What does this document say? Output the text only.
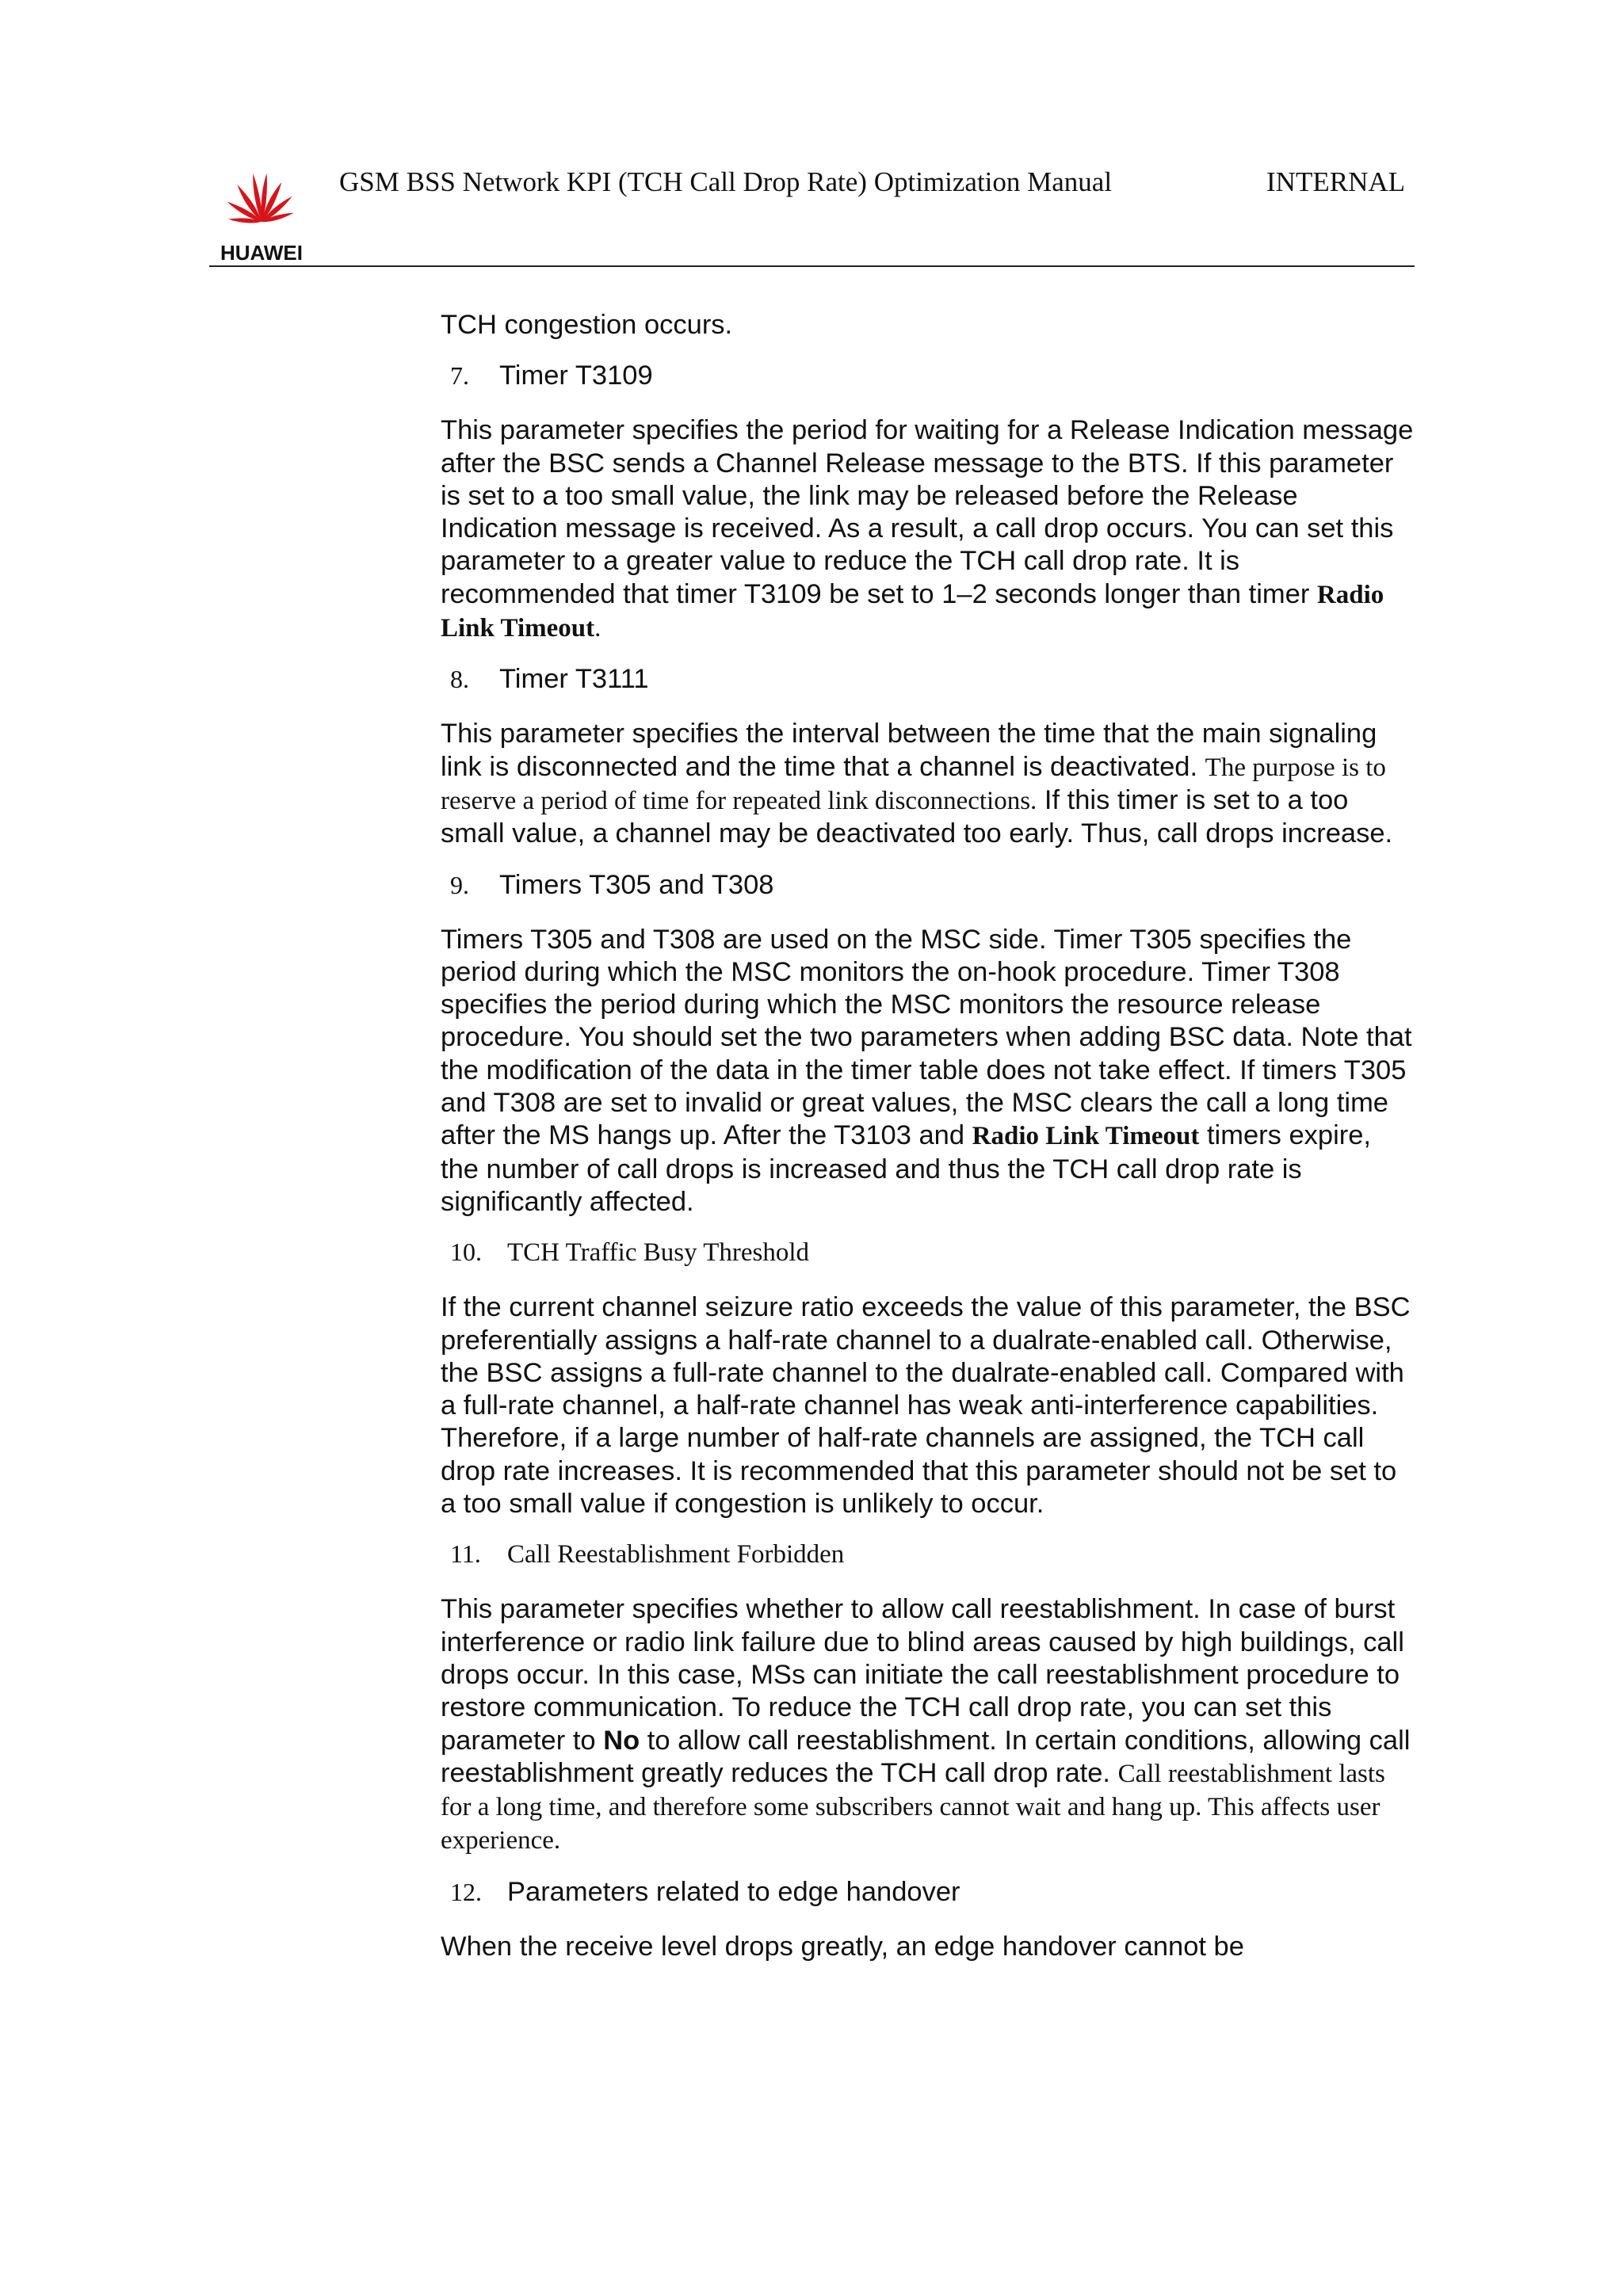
HUAWEI
GSM BSS Network KPI (TCH Call Drop Rate) Optimization Manual	INTERNAL

TCH congestion occurs.

7.	Timer T3109

This parameter specifies the period for waiting for a Release Indication message after the BSC sends a Channel Release message to the BTS. If this parameter is set to a too small value, the link may be released before the Release Indication message is received. As a result, a call drop occurs. You can set this parameter to a greater value to reduce the TCH call drop rate. It is recommended that timer T3109 be set to 1–2 seconds longer than timer Radio Link Timeout.

8.	Timer T3111

This parameter specifies the interval between the time that the main signaling link is disconnected and the time that a channel is deactivated. The purpose is to reserve a period of time for repeated link disconnections. If this timer is set to a too small value, a channel may be deactivated too early. Thus, call drops increase.

9.	Timers T305 and T308

Timers T305 and T308 are used on the MSC side. Timer T305 specifies the period during which the MSC monitors the on-hook procedure. Timer T308 specifies the period during which the MSC monitors the resource release procedure. You should set the two parameters when adding BSC data. Note that the modification of the data in the timer table does not take effect. If timers T305 and T308 are set to invalid or great values, the MSC clears the call a long time after the MS hangs up. After the T3103 and Radio Link Timeout timers expire, the number of call drops is increased and thus the TCH call drop rate is significantly affected.

10. TCH Traffic Busy Threshold

If the current channel seizure ratio exceeds the value of this parameter, the BSC preferentially assigns a half-rate channel to a dualrate-enabled call. Otherwise, the BSC assigns a full-rate channel to the dualrate-enabled call. Compared with a full-rate channel, a half-rate channel has weak anti-interference capabilities. Therefore, if a large number of half-rate channels are assigned, the TCH call drop rate increases. It is recommended that this parameter should not be set to a too small value if congestion is unlikely to occur.

11.	Call Reestablishment Forbidden

This parameter specifies whether to allow call reestablishment. In case of burst interference or radio link failure due to blind areas caused by high buildings, call drops occur. In this case, MSs can initiate the call reestablishment procedure to restore communication. To reduce the TCH call drop rate, you can set this parameter to No to allow call reestablishment. In certain conditions, allowing call reestablishment greatly reduces the TCH call drop rate. Call reestablishment lasts for a long time, and therefore some subscribers cannot wait and hang up. This affects user experience.

12. Parameters related to edge handover

When the receive level drops greatly, an edge handover cannot be
